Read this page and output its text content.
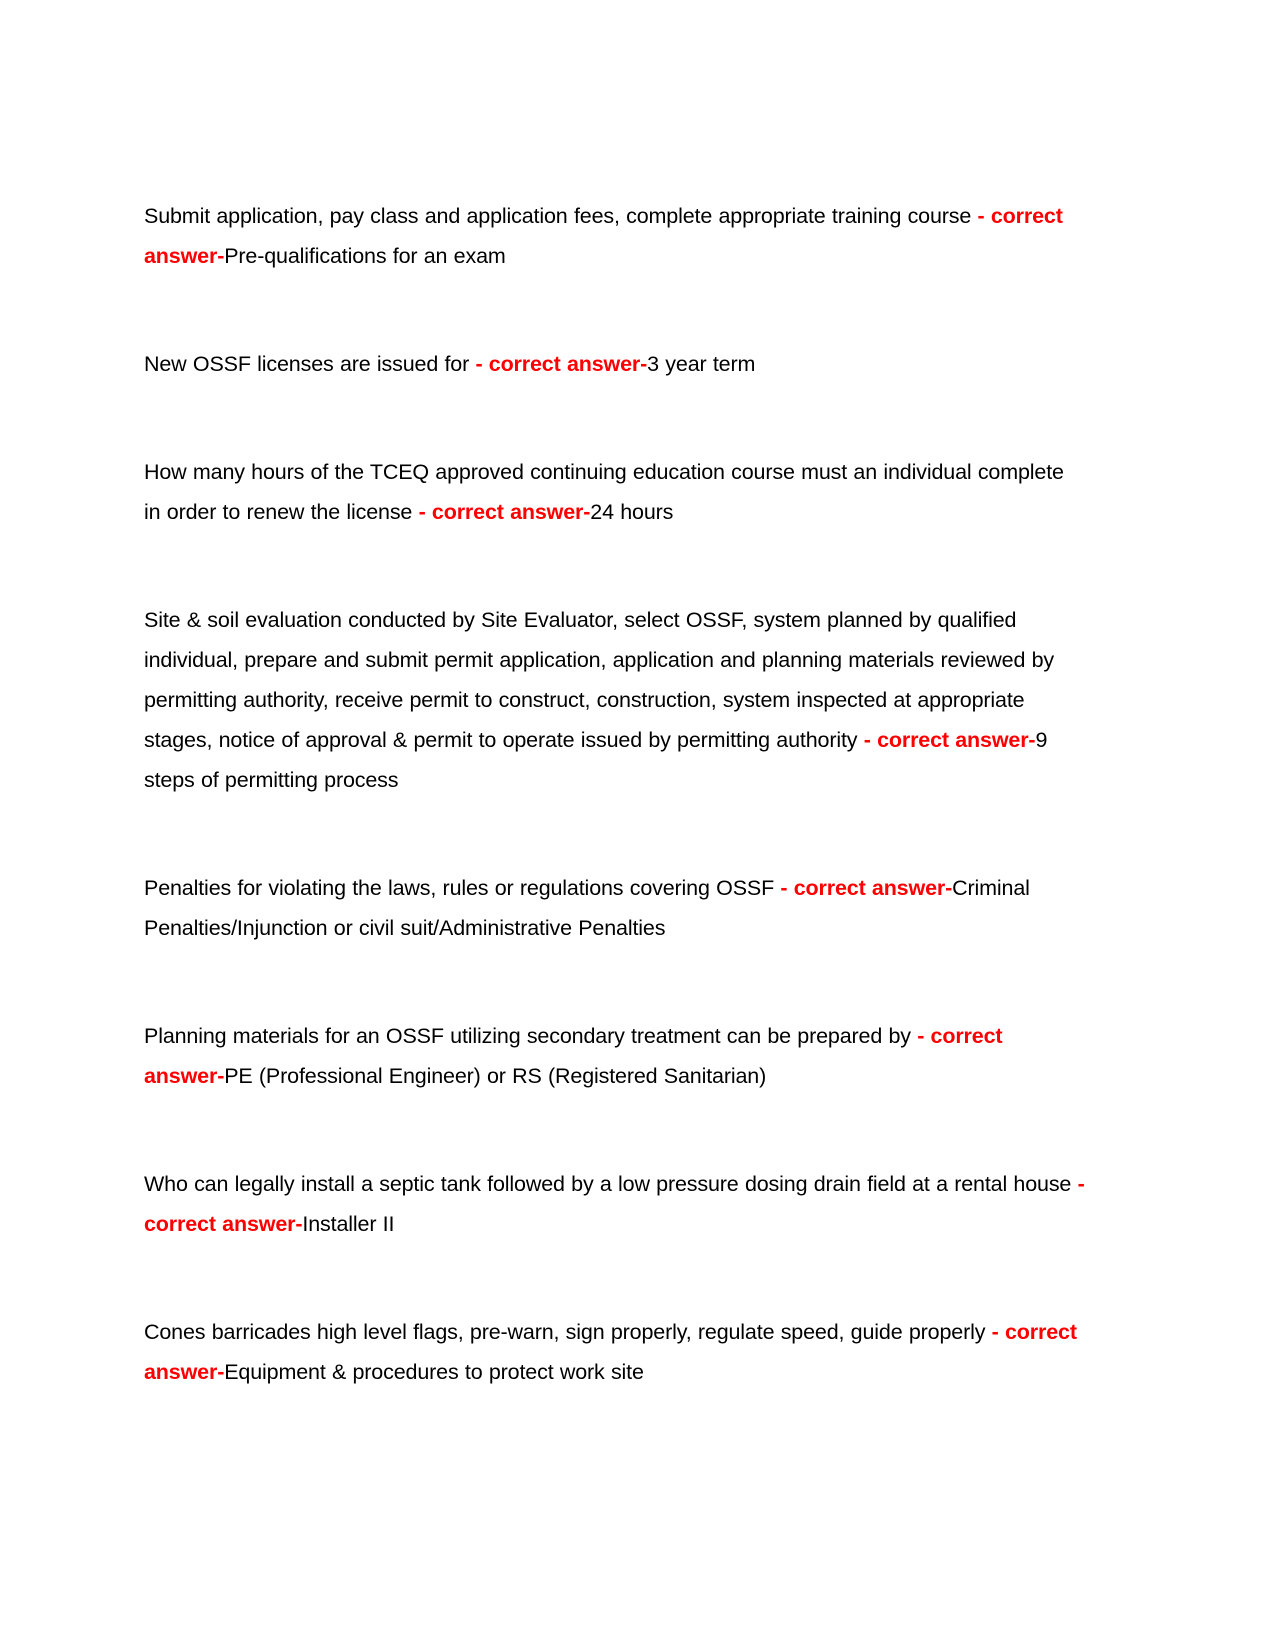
Submit application, pay class and application fees, complete appropriate training course - correct answer-Pre-qualifications for an exam

New OSSF licenses are issued for - correct answer-3 year term

How many hours of the TCEQ approved continuing education course must an individual complete in order to renew the license - correct answer-24 hours

Site & soil evaluation conducted by Site Evaluator, select OSSF, system planned by qualified individual, prepare and submit permit application, application and planning materials reviewed by permitting authority, receive permit to construct, construction, system inspected at appropriate stages, notice of approval & permit to operate issued by permitting authority - correct answer-9 steps of permitting process

Penalties for violating the laws, rules or regulations covering OSSF - correct answer-Criminal Penalties/Injunction or civil suit/Administrative Penalties

Planning materials for an OSSF utilizing secondary treatment can be prepared by - correct answer-PE (Professional Engineer) or RS (Registered Sanitarian)

Who can legally install a septic tank followed by a low pressure dosing drain field at a rental house - correct answer-Installer II

Cones barricades high level flags, pre-warn, sign properly, regulate speed, guide properly - correct answer-Equipment & procedures to protect work site
